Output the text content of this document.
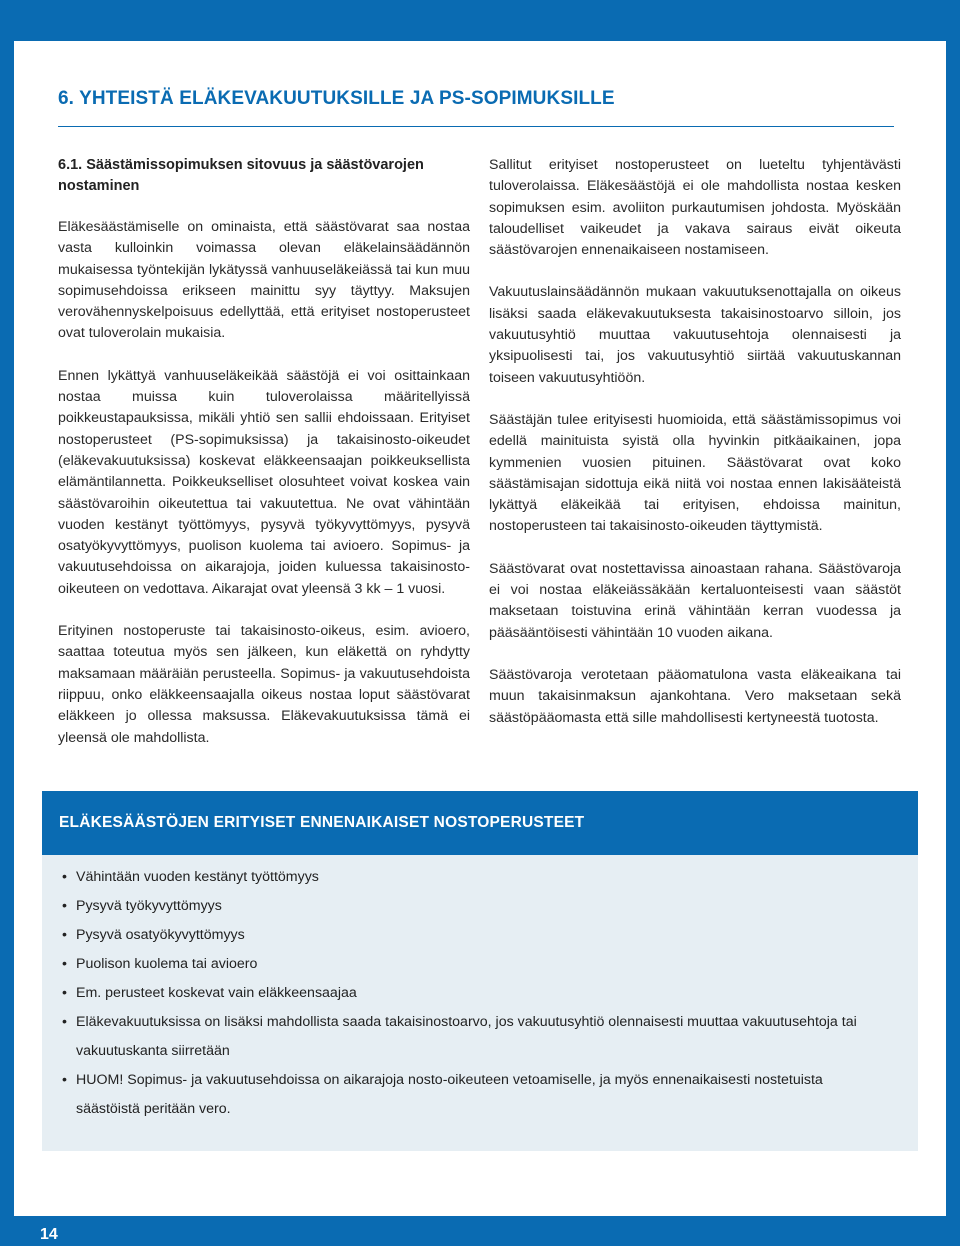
14
6. YHTEISTÄ ELÄKEVAKUUTUKSILLE JA PS-SOPIMUKSILLE
6.1. Säästämissopimuksen sitovuus ja säästövarojen nostaminen

Eläkesäästämiselle on ominaista, että säästövarat saa nostaa vasta kulloinkin voimassa olevan eläkelainsäädännön mukaisessa työntekijän lykätyssä vanhuuseläkeiässä tai kun muu sopimusehdoissa erikseen mainittu syy täyttyy. Maksujen verovähennyskelpoisuus edellyttää, että erityiset nostoperusteet ovat tuloverolain mukaisia.

Ennen lykättyä vanhuuseläkeikää säästöjä ei voi osittainkaan nostaa muissa kuin tuloverolaissa määritellyissä poikkeustapauksissa, mikäli yhtiö sen sallii ehdoissaan. Erityiset nostoperusteet (PS-sopimuksissa) ja takaisinosto-oikeudet (eläkevakuutuksissa) koskevat eläkkeensaajan poikkeuksellista elämäntilannetta. Poikkeukselliset olosuhteet voivat koskea vain säästövaroihin oikeutettua tai vakuutettua. Ne ovat vähintään vuoden kestänyt työttömyys, pysyvä työkyvyttömyys, pysyvä osatyökyvyttömyys, puolison kuolema tai avioero. Sopimus- ja vakuutusehdoissa on aikarajoja, joiden kuluessa takaisinosto-oikeuteen on vedottava. Aikarajat ovat yleensä 3 kk – 1 vuosi.

Erityinen nostoperuste tai takaisinosto-oikeus, esim. avioero, saattaa toteutua myös sen jälkeen, kun eläkettä on ryhdytty maksamaan määräiän perusteella. Sopimus- ja vakuutusehdoista riippuu, onko eläkkeensaajalla oikeus nostaa loput säästövarat eläkkeen jo ollessa maksussa. Eläkevakuutuksissa tämä ei yleensä ole mahdollista.

Sallitut erityiset nostoperusteet on lueteltu tyhjentävästi tuloverolaissa. Eläkesäästöjä ei ole mahdollista nostaa kesken sopimuksen esim. avoliiton purkautumisen johdosta. Myöskään taloudelliset vaikeudet ja vakava sairaus eivät oikeuta säästövarojen ennenaikaiseen nostamiseen.

Vakuutuslainsäädännön mukaan vakuutuksenottajalla on oikeus lisäksi saada eläkevakuutuksesta takaisinostoarvo silloin, jos vakuutusyhtiö muuttaa vakuutusehtoja olennaisesti ja yksipuolisesti tai, jos vakuutusyhtiö siirtää vakuutuskannan toiseen vakuutusyhtiöön.

Säästäjän tulee erityisesti huomioida, että säästämissopimus voi edellä mainituista syistä olla hyvinkin pitkäaikainen, jopa kymmenien vuosien pituinen. Säästövarat ovat koko säästämisajan sidottuja eikä niitä voi nostaa ennen lakisääteistä lykättyä eläkeikää tai erityisen, ehdoissa mainitun, nostoperusteen tai takaisinosto-oikeuden täyttymistä.

Säästövarat ovat nostettavissa ainoastaan rahana. Säästövaroja ei voi nostaa eläkeiässäkään kertaluonteisesti vaan säästöt maksetaan toistuvina erinä vähintään kerran vuodessa ja pääsääntöisesti vähintään 10 vuoden aikana.

Säästövaroja verotetaan pääomatulona vasta eläkeaikana tai muun takaisinmaksun ajankohtana. Vero maksetaan sekä säästöpääomasta että sille mahdollisesti kertyneestä tuotosta.

ELÄKESÄÄSTÖJEN ERITYISET ENNENAIKAISET NOSTOPERUSTEET
• Vähintään vuoden kestänyt työttömyys
• Pysyvä työkyvyttömyys
• Pysyvä osatyökyvyttömyys
• Puolison kuolema tai avioero
• Em. perusteet koskevat vain eläkkeensaajaa
• Eläkevakuutuksissa on lisäksi mahdollista saada takaisinostoarvo, jos vakuutusyhtiö olennaisesti muuttaa vakuutusehtoja tai vakuutuskanta siirretään
• HUOM! Sopimus- ja vakuutusehdoissa on aikarajoja nosto-oikeuteen vetoamiselle, ja myös ennenaikaisesti nostetuista säästöistä peritään vero.
